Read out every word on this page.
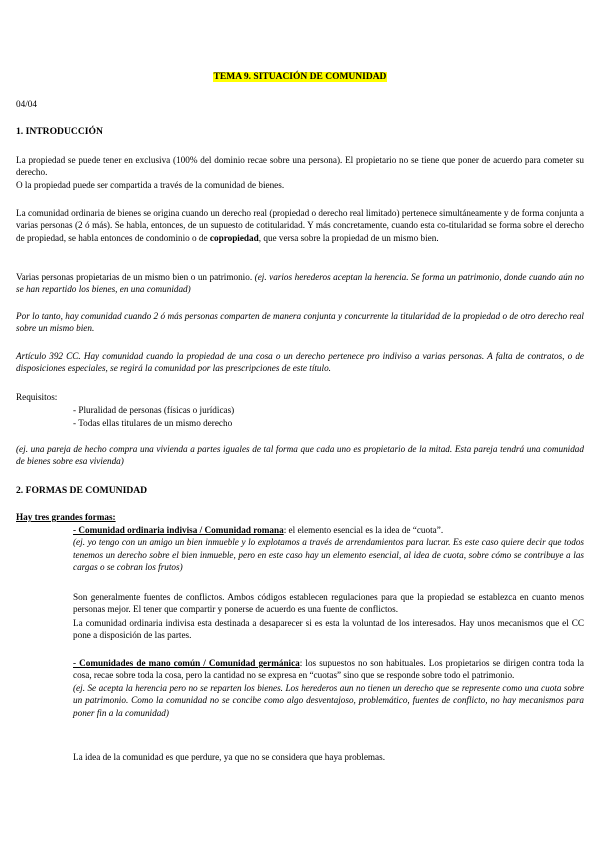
TEMA 9. SITUACIÓN DE COMUNIDAD
04/04
1. INTRODUCCIÓN
La propiedad se puede tener en exclusiva (100% del dominio recae sobre una persona). El propietario no se tiene que poner de acuerdo para cometer su derecho.
O la propiedad puede ser compartida a través de la comunidad de bienes.
La comunidad ordinaria de bienes se origina cuando un derecho real (propiedad o derecho real limitado) pertenece simultáneamente y de forma conjunta a varias personas (2 ó más). Se habla, entonces, de un supuesto de cotitularidad. Y más concretamente, cuando esta co-titularidad se forma sobre el derecho de propiedad, se habla entonces de condominio o de copropiedad, que versa sobre la propiedad de un mismo bien.
Varias personas propietarias de un mismo bien o un patrimonio. (ej. varios herederos aceptan la herencia. Se forma un patrimonio, donde cuando aún no se han repartido los bienes, en una comunidad)
Por lo tanto, hay comunidad cuando 2 ó más personas comparten de manera conjunta y concurrente la titularidad de la propiedad o de otro derecho real sobre un mismo bien.
Artículo 392 CC. Hay comunidad cuando la propiedad de una cosa o un derecho pertenece pro indiviso a varias personas. A falta de contratos, o de disposiciones especiales, se regirá la comunidad por las prescripciones de este título.
Requisitos:
- Pluralidad de personas (físicas o jurídicas)
- Todas ellas titulares de un mismo derecho
(ej. una pareja de hecho compra una vivienda a partes iguales de tal forma que cada uno es propietario de la mitad. Esta pareja tendrá una comunidad de bienes sobre esa vivienda)
2. FORMAS DE COMUNIDAD
Hay tres grandes formas:
- Comunidad ordinaria indivisa / Comunidad romana: el elemento esencial es la idea de “cuota”.
(ej. yo tengo con un amigo un bien inmueble y lo explotamos a través de arrendamientos para lucrar. Es este caso quiere decir que todos tenemos un derecho sobre el bien inmueble, pero en este caso hay un elemento esencial, al idea de cuota, sobre cómo se contribuye a las cargas o se cobran los frutos)
Son generalmente fuentes de conflictos. Ambos códigos establecen regulaciones para que la propiedad se establezca en cuanto menos personas mejor. El tener que compartir y ponerse de acuerdo es una fuente de conflictos.
La comunidad ordinaria indivisa esta destinada a desaparecer si es esta la voluntad de los interesados. Hay unos mecanismos que el CC pone a disposición de las partes.
- Comunidades de mano común / Comunidad germánica: los supuestos no son habituales. Los propietarios se dirigen contra toda la cosa, recae sobre toda la cosa, pero la cantidad no se expresa en “cuotas” sino que se responde sobre todo el patrimonio.
(ej. Se acepta la herencia pero no se reparten los bienes. Los herederos aun no tienen un derecho que se represente como una cuota sobre un patrimonio. Como la comunidad no se concibe como algo desventajoso, problemático, fuentes de conflicto, no hay mecanismos para poner fin a la comunidad)
La idea de la comunidad es que perdure, ya que no se considera que haya problemas.
